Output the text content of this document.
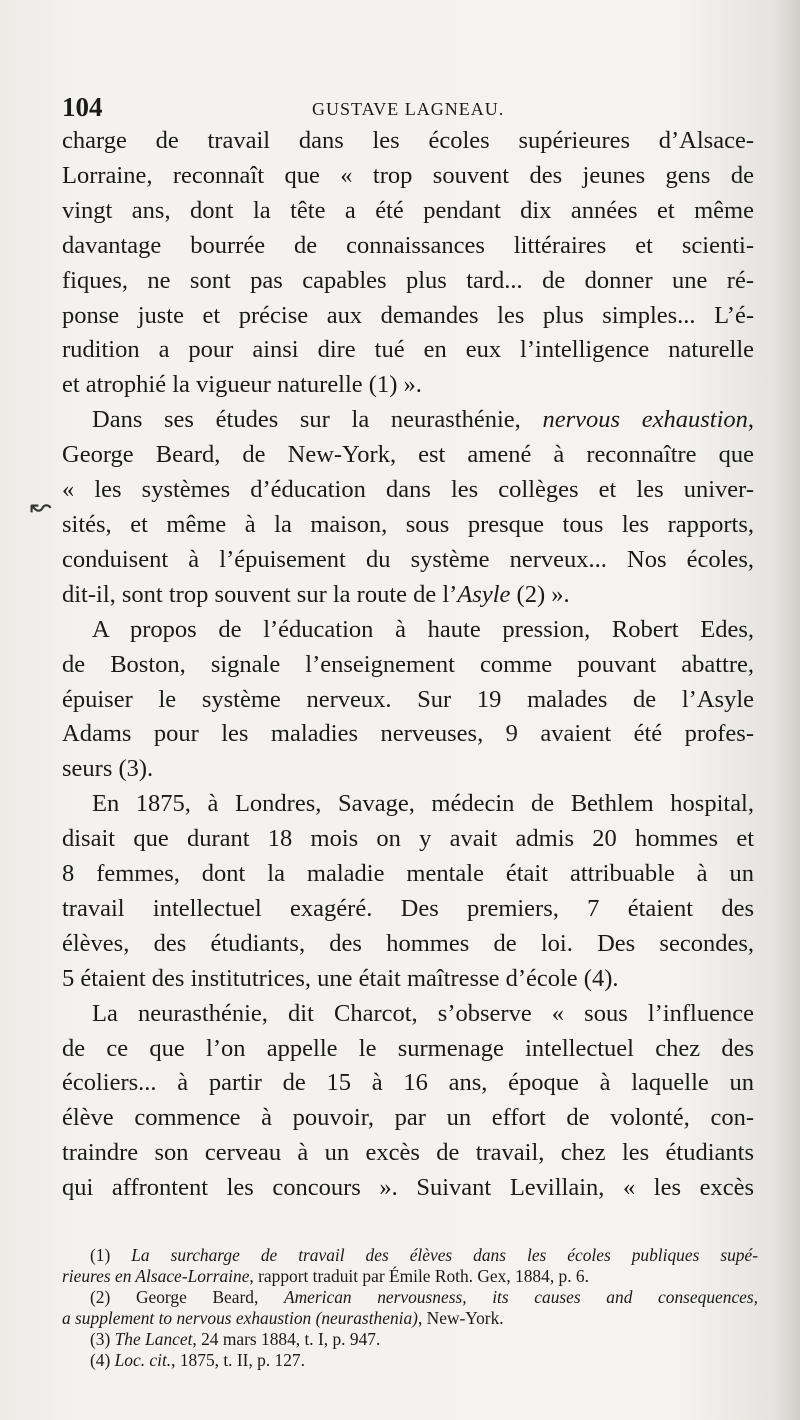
104	GUSTAVE LAGNEAU.
↜

charge de travail dans les écoles supérieures d’Alsace-
Lorraine, reconnaît que « trop souvent des jeunes gens de
vingt ans, dont la tête a été pendant dix années et même
davantage bourrée de connaissances littéraires et scienti-
fiques, ne sont pas capables plus tard... de donner une ré-
ponse juste et précise aux demandes les plus simples... L’é-
rudition a pour ainsi dire tué en eux l’intelligence naturelle
et atrophié la vigueur naturelle (1) ».

Dans ses études sur la neurasthénie, nervous exhaustion,
George Beard, de New-York, est amené à reconnaître que
« les systèmes d’éducation dans les collèges et les univer-
sités, et même à la maison, sous presque tous les rapports,
conduisent à l’épuisement du système nerveux... Nos écoles,
dit-il, sont trop souvent sur la route de l’Asyle (2) ».

A propos de l’éducation à haute pression, Robert Edes,
de Boston, signale l’enseignement comme pouvant abattre,
épuiser le système nerveux. Sur 19 malades de l’Asyle
Adams pour les maladies nerveuses, 9 avaient été profes-
seurs (3).

En 1875, à Londres, Savage, médecin de Bethlem hospital,
disait que durant 18 mois on y avait admis 20 hommes et
8 femmes, dont la maladie mentale était attribuable à un
travail intellectuel exagéré. Des premiers, 7 étaient des
élèves, des étudiants, des hommes de loi. Des secondes,
5 étaient des institutrices, une était maîtresse d’école (4).

La neurasthénie, dit Charcot, s’observe « sous l’influence
de ce que l’on appelle le surmenage intellectuel chez des
écoliers... à partir de 15 à 16 ans, époque à laquelle un
élève commence à pouvoir, par un effort de volonté, con-
traindre son cerveau à un excès de travail, chez les étudiants
qui affrontent les concours ». Suivant Levillain, « les excès

(1) La surcharge de travail des élèves dans les écoles publiques supé-
rieures en Alsace-Lorraine, rapport traduit par Émile Roth. Gex, 1884, p. 6.
(2) George Beard, American nervousness, its causes and consequences,
a supplement to nervous exhaustion (neurasthenia), New-York.
(3) The Lancet, 24 mars 1884, t. I, p. 947.
(4) Loc. cit., 1875, t. II, p. 127.
